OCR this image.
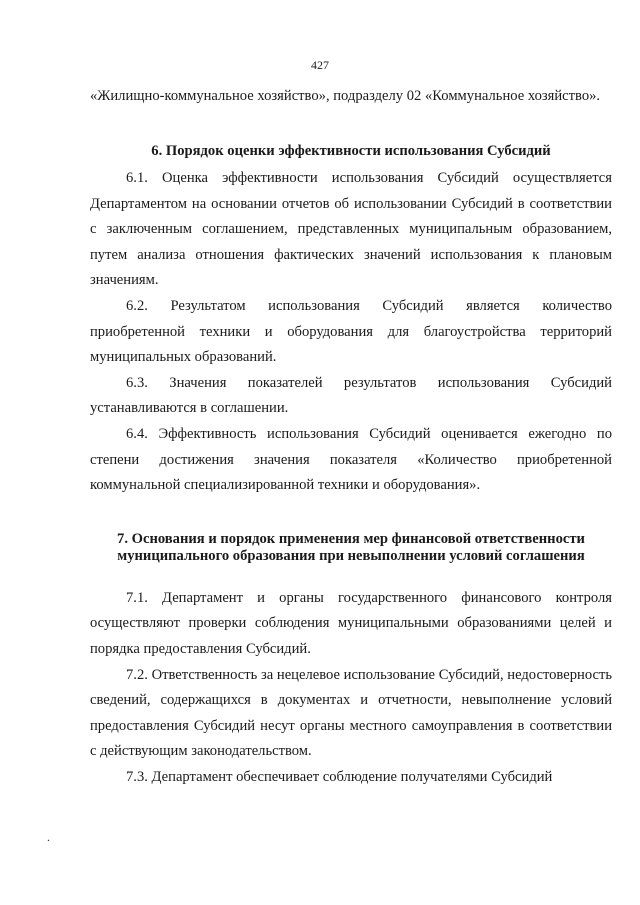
427

«Жилищно-коммунальное хозяйство», подразделу 02 «Коммунальное хозяйство».

6. Порядок оценки эффективности использования Субсидий

6.1. Оценка эффективности использования Субсидий осуществляется Департаментом на основании отчетов об использовании Субсидий в соответствии с заключенным соглашением, представленных муниципальным образованием, путем анализа отношения фактических значений использования к плановым значениям.

6.2. Результатом использования Субсидий является количество приобретенной техники и оборудования для благоустройства территорий муниципальных образований.

6.3. Значения показателей результатов использования Субсидий устанавливаются в соглашении.

6.4. Эффективность использования Субсидий оценивается ежегодно по степени достижения значения показателя «Количество приобретенной коммунальной специализированной техники и оборудования».

7. Основания и порядок применения мер финансовой ответственности муниципального образования при невыполнении условий соглашения

7.1. Департамент и органы государственного финансового контроля осуществляют проверки соблюдения муниципальными образованиями целей и порядка предоставления Субсидий.

7.2. Ответственность за нецелевое использование Субсидий, недостоверность сведений, содержащихся в документах и отчетности, невыполнение условий предоставления Субсидий несут органы местного самоуправления в соответствии с действующим законодательством.

7.3. Департамент обеспечивает соблюдение получателями Субсидий

.
